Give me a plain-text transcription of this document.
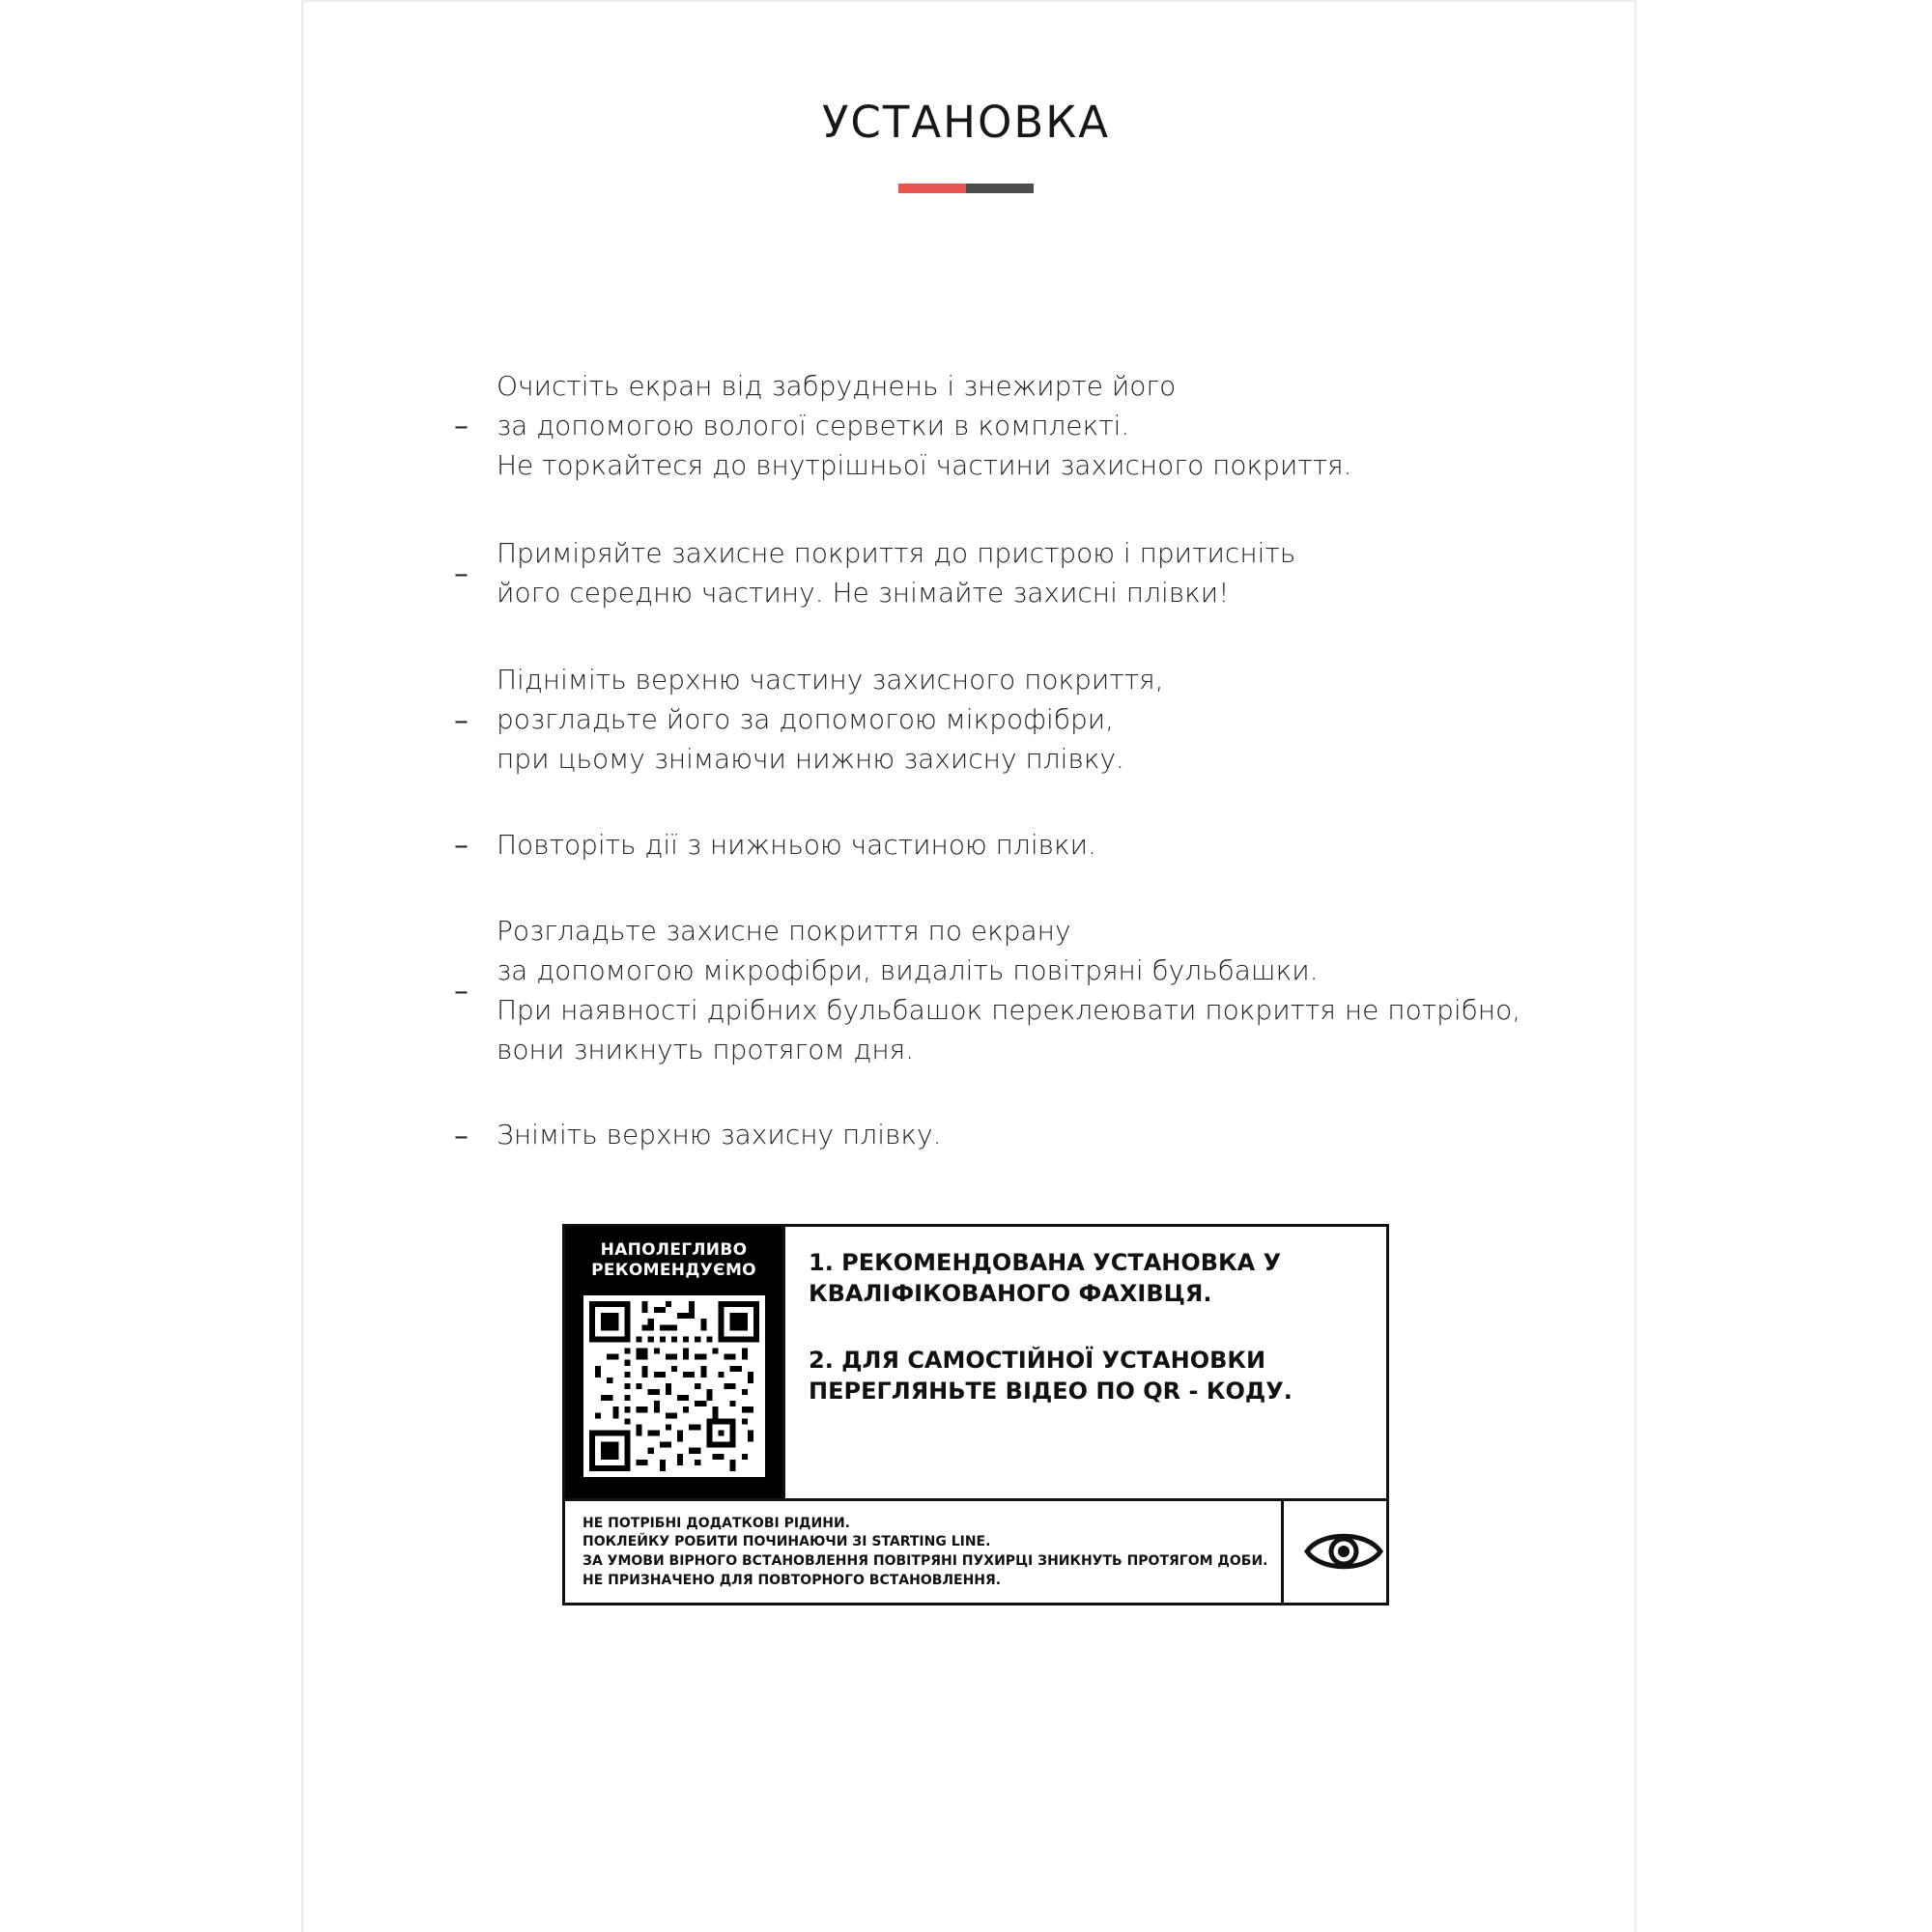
УСТАНОВКА
–
Очистіть екран від забруднень і знежирте його
за допомогою вологої серветки в комплекті.
Не торкайтеся до внутрішньої частини захисного покриття.
–
Приміряйте захисне покриття до пристрою і притисніть
його середню частину. Не знімайте захисні плівки!
–
Підніміть верхню частину захисного покриття,
розгладьте його за допомогою мікрофібри,
при цьому знімаючи нижню захисну плівку.
–	Повторіть дії з нижньою частиною плівки.
–
Розгладьте захисне покриття по екрану
за допомогою мікрофібри, видаліть повітряні бульбашки.
При наявності дрібних бульбашок переклеювати покриття не потрібно,
вони зникнуть протягом дня.
–	Зніміть верхню захисну плівку.
НАПОЛЕГЛИВО
РЕКОМЕНДУЄМО	1. РЕКОМЕНДОВАНА УСТАНОВКА У КВАЛІФІКОВАНОГО ФАХІВЦЯ.
2. ДЛЯ САМОСТІЙНОЇ УСТАНОВКИ ПЕРЕГЛЯНЬТЕ ВІДЕО ПО QR - КОДУ.
НЕ ПОТРІБНІ ДОДАТКОВІ РІДИНИ.
ПОКЛЕЙКУ РОБИТИ ПОЧИНАЮЧИ ЗІ STARTING LINE.
ЗА УМОВИ ВІРНОГО ВСТАНОВЛЕННЯ ПОВІТРЯНІ ПУХИРЦІ ЗНИКНУТЬ ПРОТЯГОМ ДОБИ.
НЕ ПРИЗНАЧЕНО ДЛЯ ПОВТОРНОГО ВСТАНОВЛЕННЯ.
